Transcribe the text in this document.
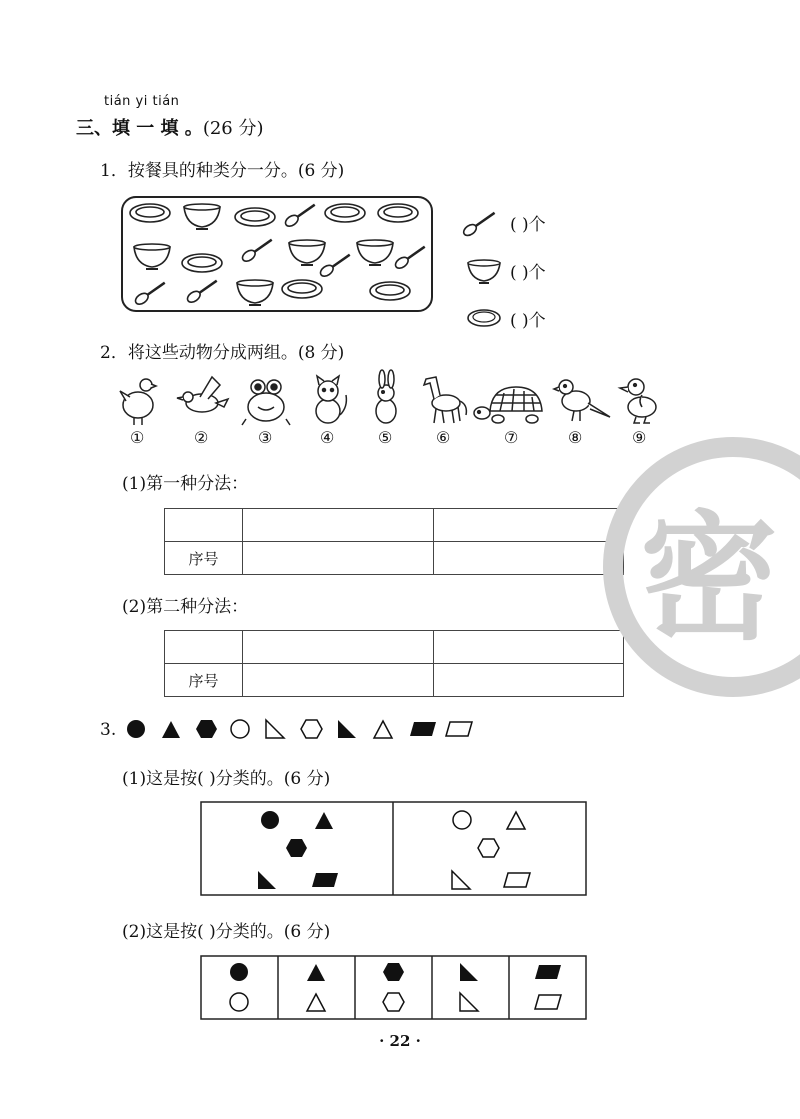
tián yi tián
三、填 一 填 。(26 分)
1．按餐具的种类分一分。(6 分)
( )个
( )个
( )个
2．将这些动物分成两组。(8 分)
①	②	③	④	⑤	⑥	⑦	⑧	⑨
(1)第一种分法：

序号		
(2)第二种分法：

序号		
3.
(1)这是按( )分类的。(6 分)
(2)这是按( )分类的。(6 分)
密
· 22 ·
